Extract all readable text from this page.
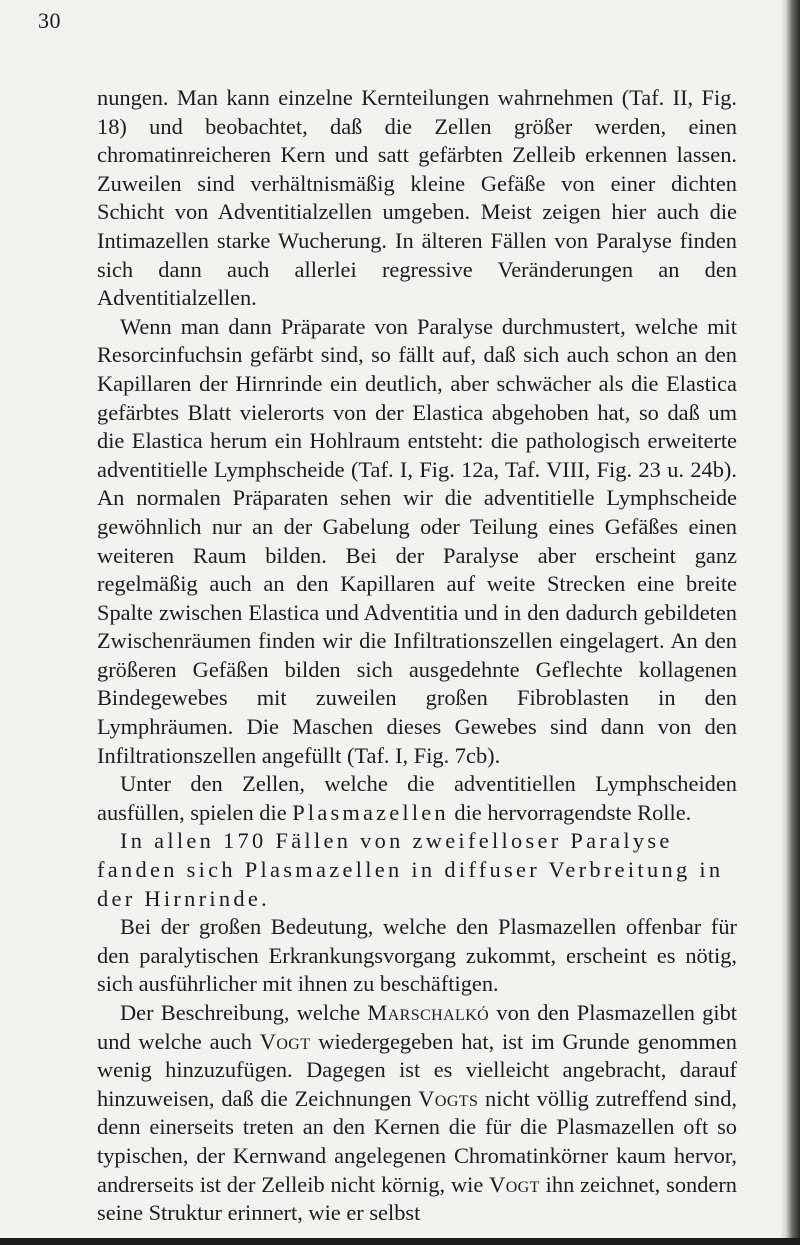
30

nungen. Man kann einzelne Kernteilungen wahrnehmen (Taf. II, Fig. 18) und beobachtet, daß die Zellen größer werden, einen chromatinreicheren Kern und satt gefärbten Zelleib erkennen lassen. Zuweilen sind verhältnismäßig kleine Gefäße von einer dichten Schicht von Adventitialzellen umgeben. Meist zeigen hier auch die Intimazellen starke Wucherung. In älteren Fällen von Paralyse finden sich dann auch allerlei regressive Veränderungen an den Adventitialzellen.

Wenn man dann Präparate von Paralyse durchmustert, welche mit Resorcinfuchsin gefärbt sind, so fällt auf, daß sich auch schon an den Kapillaren der Hirnrinde ein deutlich, aber schwächer als die Elastica gefärbtes Blatt vielerorts von der Elastica abgehoben hat, so daß um die Elastica herum ein Hohlraum entsteht: die pathologisch erweiterte adventitielle Lymphscheide (Taf. I, Fig. 12a, Taf. VIII, Fig. 23 u. 24b). An normalen Präparaten sehen wir die adventitielle Lymphscheide gewöhnlich nur an der Gabelung oder Teilung eines Gefäßes einen weiteren Raum bilden. Bei der Paralyse aber erscheint ganz regelmäßig auch an den Kapillaren auf weite Strecken eine breite Spalte zwischen Elastica und Adventitia und in den dadurch gebildeten Zwischenräumen finden wir die Infiltrationszellen eingelagert. An den größeren Gefäßen bilden sich ausgedehnte Geflechte kollagenen Bindegewebes mit zuweilen großen Fibroblasten in den Lymphräumen. Die Maschen dieses Gewebes sind dann von den Infiltrationszellen angefüllt (Taf. I, Fig. 7cb).

Unter den Zellen, welche die adventitiellen Lymphscheiden ausfüllen, spielen die Plasmazellen die hervorragendste Rolle.

In allen 170 Fällen von zweifelloser Paralyse fanden sich Plasmazellen in diffuser Verbreitung in der Hirnrinde.

Bei der großen Bedeutung, welche den Plasmazellen offenbar für den paralytischen Erkrankungsvorgang zukommt, erscheint es nötig, sich ausführlicher mit ihnen zu beschäftigen.

Der Beschreibung, welche Marschalkó von den Plasmazellen gibt und welche auch Vogt wiedergegeben hat, ist im Grunde genommen wenig hinzuzufügen. Dagegen ist es vielleicht angebracht, darauf hinzuweisen, daß die Zeichnungen Vogts nicht völlig zutreffend sind, denn einerseits treten an den Kernen die für die Plasmazellen oft so typischen, der Kernwand angelegenen Chromatinkörner kaum hervor, andrerseits ist der Zelleib nicht körnig, wie Vogt ihn zeichnet, sondern seine Struktur erinnert, wie er selbst
